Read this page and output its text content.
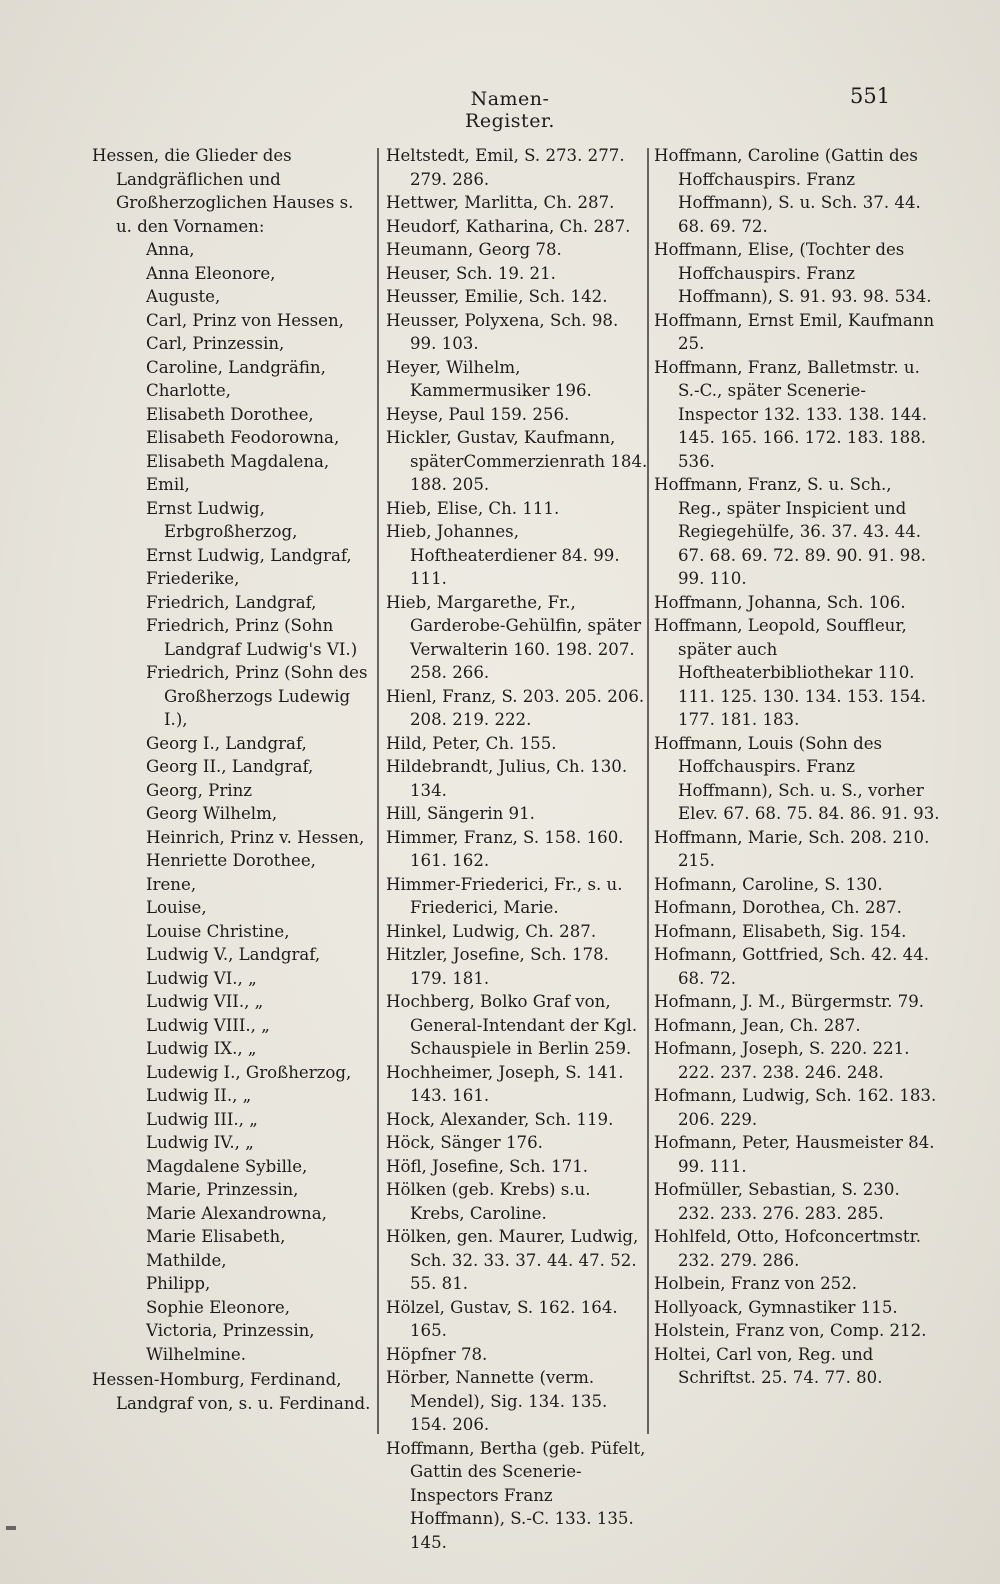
Namen-Register.
551

Hessen, die Glieder des Landgräflichen und Großherzoglichen Hauses s. u. den Vornamen:

Anna,

Anna Eleonore,

Auguste,

Carl, Prinz von Hessen,

Carl, Prinzessin,

Caroline, Landgräfin,

Charlotte,

Elisabeth Dorothee,

Elisabeth Feodorowna,

Elisabeth Magdalena,

Emil,

Ernst Ludwig, Erbgroßherzog,

Ernst Ludwig, Landgraf,

Friederike,

Friedrich, Landgraf,

Friedrich, Prinz (Sohn Landgraf Ludwig's VI.)

Friedrich, Prinz (Sohn des Großherzogs Ludewig I.),

Georg I., Landgraf,

Georg II., Landgraf,

Georg, Prinz

Georg Wilhelm,

Heinrich, Prinz v. Hessen,

Henriette Dorothee,

Irene,

Louise,

Louise Christine,

Ludwig V., Landgraf,

Ludwig VI., „

Ludwig VII., „

Ludwig VIII., „

Ludwig IX., „

Ludewig I., Großherzog,

Ludwig II., „

Ludwig III., „

Ludwig IV., „

Magdalene Sybille,

Marie, Prinzessin,

Marie Alexandrowna,

Marie Elisabeth,

Mathilde,

Philipp,

Sophie Eleonore,

Victoria, Prinzessin,

Wilhelmine.

Hessen-Homburg, Ferdinand, Landgraf von, s. u. Ferdinand.

Heltstedt, Emil, S. 273. 277. 279. 286.

Hettwer, Marlitta, Ch. 287.

Heudorf, Katharina, Ch. 287.

Heumann, Georg 78.

Heuser, Sch. 19. 21.

Heusser, Emilie, Sch. 142.

Heusser, Polyxena, Sch. 98. 99. 103.

Heyer, Wilhelm, Kammermusiker 196.

Heyse, Paul 159. 256.

Hickler, Gustav, Kaufmann, späterCommerzienrath 184. 188. 205.

Hieb, Elise, Ch. 111.

Hieb, Johannes, Hoftheaterdiener 84. 99. 111.

Hieb, Margarethe, Fr., Garderobe-Gehülfin, später Verwalterin 160. 198. 207. 258. 266.

Hienl, Franz, S. 203. 205. 206. 208. 219. 222.

Hild, Peter, Ch. 155.

Hildebrandt, Julius, Ch. 130. 134.

Hill, Sängerin 91.

Himmer, Franz, S. 158. 160. 161. 162.

Himmer-Friederici, Fr., s. u. Friederici, Marie.

Hinkel, Ludwig, Ch. 287.

Hitzler, Josefine, Sch. 178. 179. 181.

Hochberg, Bolko Graf von, General-Intendant der Kgl. Schauspiele in Berlin 259.

Hochheimer, Joseph, S. 141. 143. 161.

Hock, Alexander, Sch. 119.

Höck, Sänger 176.

Höfl, Josefine, Sch. 171.

Hölken (geb. Krebs) s.u. Krebs, Caroline.

Hölken, gen. Maurer, Ludwig, Sch. 32. 33. 37. 44. 47. 52. 55. 81.

Hölzel, Gustav, S. 162. 164. 165.

Höpfner 78.

Hörber, Nannette (verm. Mendel), Sig. 134. 135. 154. 206.

Hoffmann, Bertha (geb. Püfelt, Gattin des Scenerie-Inspectors Franz Hoffmann), S.-C. 133. 135. 145.

Hoffmann, Caroline (Gattin des Hoffchauspirs. Franz Hoffmann), S. u. Sch. 37. 44. 68. 69. 72.

Hoffmann, Elise, (Tochter des Hoffchauspirs. Franz Hoffmann), S. 91. 93. 98. 534.

Hoffmann, Ernst Emil, Kaufmann 25.

Hoffmann, Franz, Balletmstr. u. S.-C., später Scenerie-Inspector 132. 133. 138. 144. 145. 165. 166. 172. 183. 188. 536.

Hoffmann, Franz, S. u. Sch., Reg., später Inspicient und Regiegehülfe, 36. 37. 43. 44. 67. 68. 69. 72. 89. 90. 91. 98. 99. 110.

Hoffmann, Johanna, Sch. 106.

Hoffmann, Leopold, Souffleur, später auch Hoftheaterbibliothekar 110. 111. 125. 130. 134. 153. 154. 177. 181. 183.

Hoffmann, Louis (Sohn des Hoffchauspirs. Franz Hoffmann), Sch. u. S., vorher Elev. 67. 68. 75. 84. 86. 91. 93.

Hoffmann, Marie, Sch. 208. 210. 215.

Hofmann, Caroline, S. 130.

Hofmann, Dorothea, Ch. 287.

Hofmann, Elisabeth, Sig. 154.

Hofmann, Gottfried, Sch. 42. 44. 68. 72.

Hofmann, J. M., Bürgermstr. 79.

Hofmann, Jean, Ch. 287.

Hofmann, Joseph, S. 220. 221. 222. 237. 238. 246. 248.

Hofmann, Ludwig, Sch. 162. 183. 206. 229.

Hofmann, Peter, Hausmeister 84. 99. 111.

Hofmüller, Sebastian, S. 230. 232. 233. 276. 283. 285.

Hohlfeld, Otto, Hofconcertmstr. 232. 279. 286.

Holbein, Franz von 252.

Hollyoack, Gymnastiker 115.

Holstein, Franz von, Comp. 212.

Holtei, Carl von, Reg. und Schriftst. 25. 74. 77. 80.
